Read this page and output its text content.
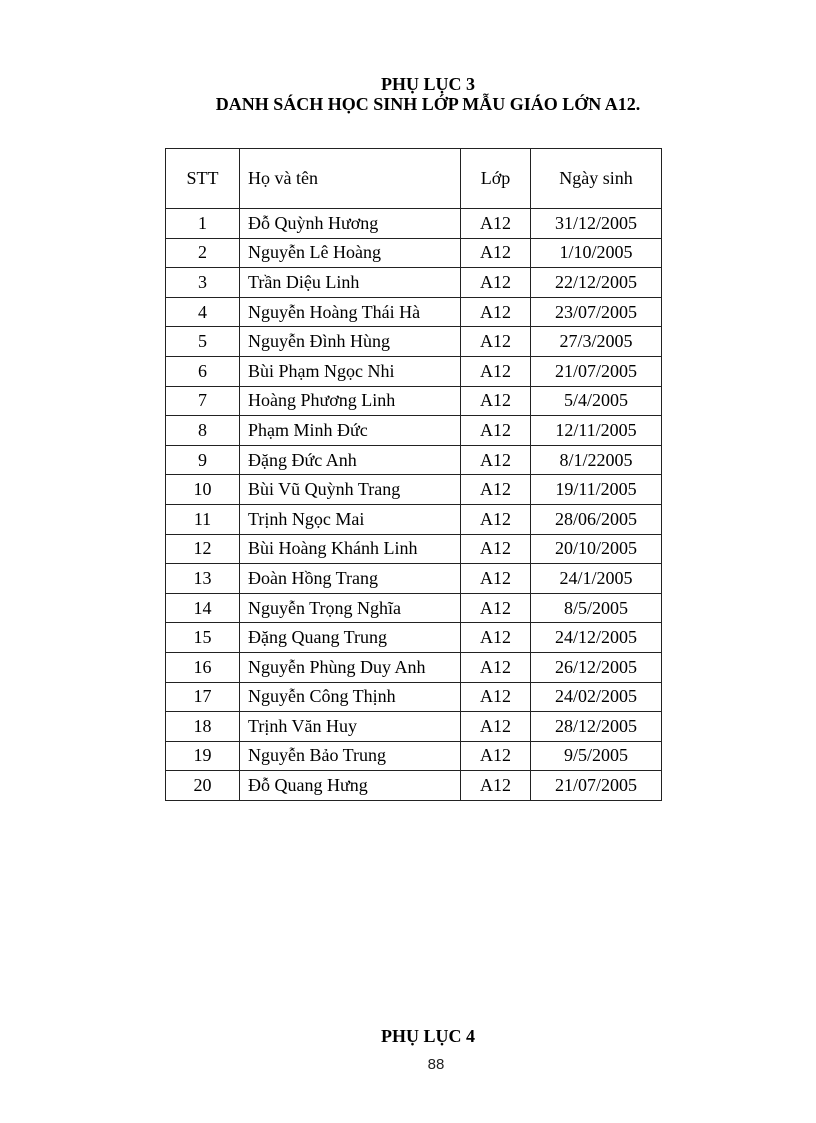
PHỤ LỤC 3
DANH SÁCH HỌC SINH LỚP MẪU GIÁO LỚN A12.
STT	Họ và tên	Lớp	Ngày sinh
1	Đỗ Quỳnh Hương	A12	31/12/2005
2	Nguyễn Lê Hoàng	A12	1/10/2005
3	Trần Diệu Linh	A12	22/12/2005
4	Nguyễn Hoàng Thái Hà	A12	23/07/2005
5	Nguyễn Đình Hùng	A12	27/3/2005
6	Bùi Phạm Ngọc Nhi	A12	21/07/2005
7	Hoàng Phương Linh	A12	5/4/2005
8	Phạm Minh Đức	A12	12/11/2005
9	Đặng Đức Anh	A12	8/1/22005
10	Bùi Vũ Quỳnh Trang	A12	19/11/2005
11	Trịnh Ngọc Mai	A12	28/06/2005
12	Bùi Hoàng Khánh Linh	A12	20/10/2005
13	Đoàn Hồng Trang	A12	24/1/2005
14	Nguyễn Trọng Nghĩa	A12	8/5/2005
15	Đặng Quang Trung	A12	24/12/2005
16	Nguyễn Phùng Duy Anh	A12	26/12/2005
17	Nguyễn Công Thịnh	A12	24/02/2005
18	Trịnh Văn Huy	A12	28/12/2005
19	Nguyễn Bảo Trung	A12	9/5/2005
20	Đỗ Quang Hưng	A12	21/07/2005
PHỤ LỤC 4
88
